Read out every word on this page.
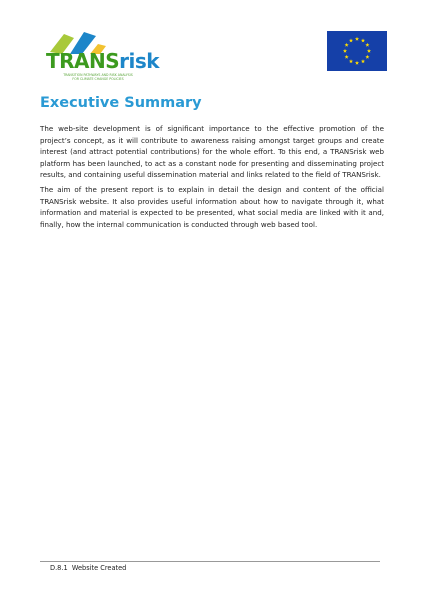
TRANSrisk
TRANSITION PATHWAYS AND RISK ANALYSIS
FOR CLIMATE CHANGE POLICIES
Executive Summary

The web-site development is of significant importance to the effective promotion of the project’s concept, as it will contribute to awareness raising amongst target groups and create interest (and attract potential contributions) for the whole effort. To this end, a TRANSrisk web platform has been launched, to act as a constant node for presenting and disseminating project results, and containing useful dissemination material and links related to the field of TRANSrisk.

The aim of the present report is to explain in detail the design and content of the official TRANSrisk website. It also provides useful information about how to navigate through it, what information and material is expected to be presented, what social media are linked with it and, finally, how the internal communication is conducted through web based tool.

D.8.1  Website Created
